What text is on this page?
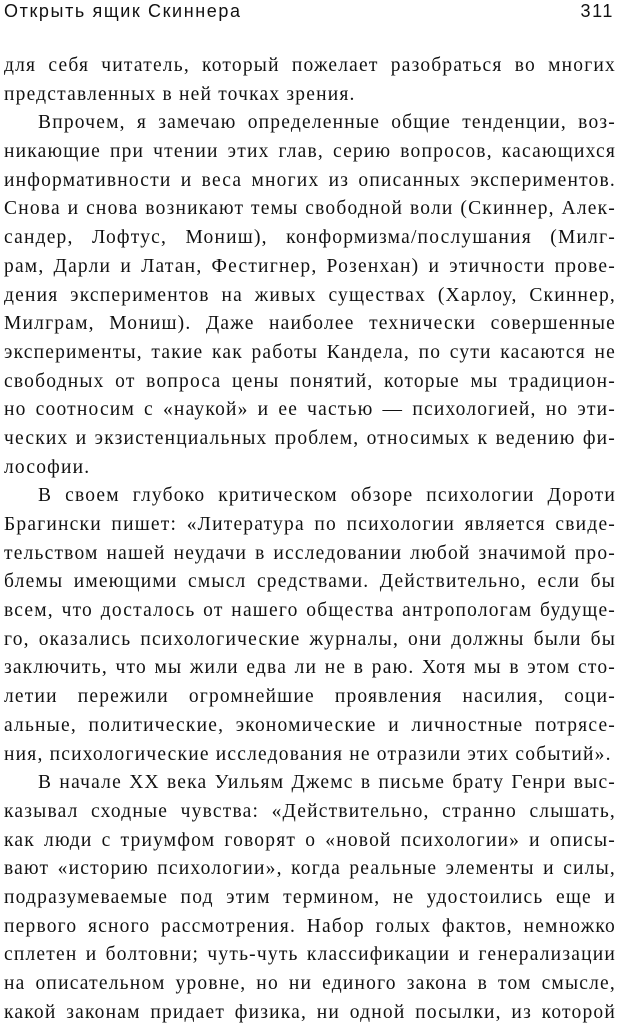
Открыть ящик Скиннера	311
для себя читатель, который пожелает разобраться во многих
представленных в ней точках зрения.
Впрочем, я замечаю определенные общие тенденции, воз-
никающие при чтении этих глав, серию вопросов, касающихся
информативности и веса многих из описанных экспериментов.
Снова и снова возникают темы свободной воли (Скиннер, Алек-
сандер, Лофтус, Мониш), конформизма/послушания (Милг-
рам, Дарли и Латан, Фестигнер, Розенхан) и этичности прове-
дения экспериментов на живых существах (Харлоу, Скиннер,
Милграм, Мониш). Даже наиболее технически совершенные
эксперименты, такие как работы Кандела, по сути касаются не
свободных от вопроса цены понятий, которые мы традицион-
но соотносим с «наукой» и ее частью — психологией, но эти-
ческих и экзистенциальных проблем, относимых к ведению фи-
лософии.
В своем глубоко критическом обзоре психологии Дороти
Брагински пишет: «Литература по психологии является свиде-
тельством нашей неудачи в исследовании любой значимой про-
блемы имеющими смысл средствами. Действительно, если бы
всем, что досталось от нашего общества антропологам будуще-
го, оказались психологические журналы, они должны были бы
заключить, что мы жили едва ли не в раю. Хотя мы в этом сто-
летии пережили огромнейшие проявления насилия, соци-
альные, политические, экономические и личностные потрясе-
ния, психологические исследования не отразили этих событий».
В начале XX века Уильям Джемс в письме брату Генри выс-
казывал сходные чувства: «Действительно, странно слышать,
как люди с триумфом говорят о «новой психологии» и описы-
вают «историю психологии», когда реальные элементы и силы,
подразумеваемые под этим термином, не удостоились еще и
первого ясного рассмотрения. Набор голых фактов, немножко
сплетен и болтовни; чуть-чуть классификации и генерализации
на описательном уровне, но ни единого закона в том смысле,
какой законам придает физика, ни одной посылки, из которой
